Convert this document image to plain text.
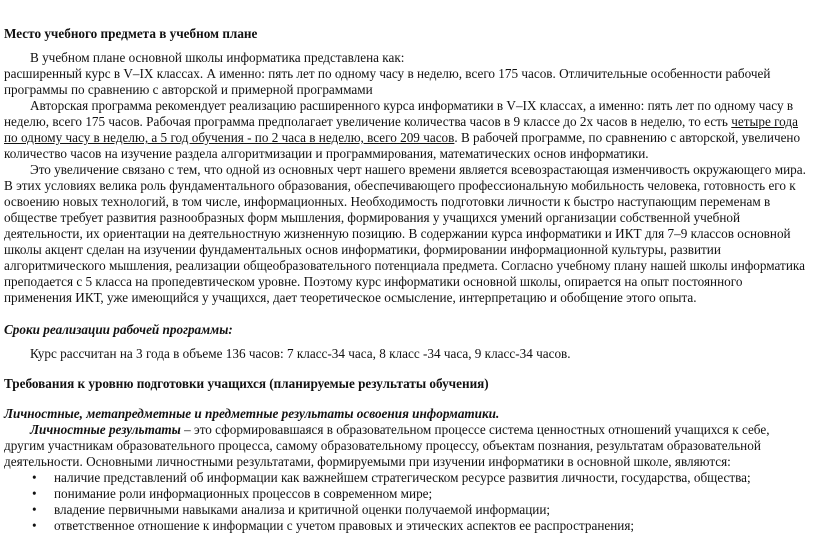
Место учебного предмета в учебном плане

В учебном плане основной школы информатика представлена как:

расширенный курс в V–IX классах. А именно: пять лет по одному часу в неделю, всего 175 часов. Отличительные особенности рабочей программы по сравнению с авторской и примерной программами

Авторская программа рекомендует реализацию расширенного курса информатики в V–IX классах, а именно: пять лет по одному часу в неделю, всего 175 часов. Рабочая программа предполагает увеличение количества часов в 9 классе до 2х часов в неделю, то есть четыре года по одному часу в неделю, а 5 год обучения - по 2 часа в неделю, всего 209 часов. В рабочей программе, по сравнению с авторской, увеличено количество часов на изучение раздела алгоритмизации и программирования, математических основ информатики.

Это увеличение связано с тем, что одной из основных черт нашего времени является всевозрастающая изменчивость окружающего мира. В этих условиях велика роль фундаментального образования, обеспечивающего профессиональную мобильность человека, готовность его к освоению новых технологий, в том числе, информационных. Необходимость подготовки личности к быстро наступающим переменам в обществе требует развития разнообразных форм мышления, формирования у учащихся умений организации собственной учебной деятельности, их ориентации на деятельностную жизненную позицию. В содержании курса информатики и ИКТ для 7–9 классов основной школы акцент сделан на изучении фундаментальных основ информатики, формировании информационной культуры, развитии алгоритмического мышления, реализации общеобразовательного потенциала предмета. Согласно учебному плану нашей школы информатика преподается с 5 класса на пропедевтическом уровне. Поэтому курс информатики основной школы, опирается на опыт постоянного применения ИКТ, уже имеющийся у учащихся, дает теоретическое осмысление, интерпретацию и обобщение этого опыта.

Сроки реализации рабочей программы:

Курс рассчитан на 3 года в объеме 136 часов: 7 класс-34 часа, 8 класс -34 часа, 9 класс-34 часов.

Требования к уровню подготовки учащихся (планируемые результаты обучения)

Личностные, метапредметные и предметные результаты освоения информатики.

Личностные результаты – это сформировавшаяся в образовательном процессе система ценностных отношений учащихся к себе, другим участникам образовательного процесса, самому образовательному процессу, объектам познания, результатам образовательной деятельности. Основными личностными результатами, формируемыми при изучении информатики в основной школе, являются:

• наличие представлений об информации как важнейшем стратегическом ресурсе развития личности, государства, общества;
• понимание роли информационных процессов в современном мире;
• владение первичными навыками анализа и критичной оценки получаемой информации;
• ответственное отношение к информации с учетом правовых и этических аспектов ее распространения;
